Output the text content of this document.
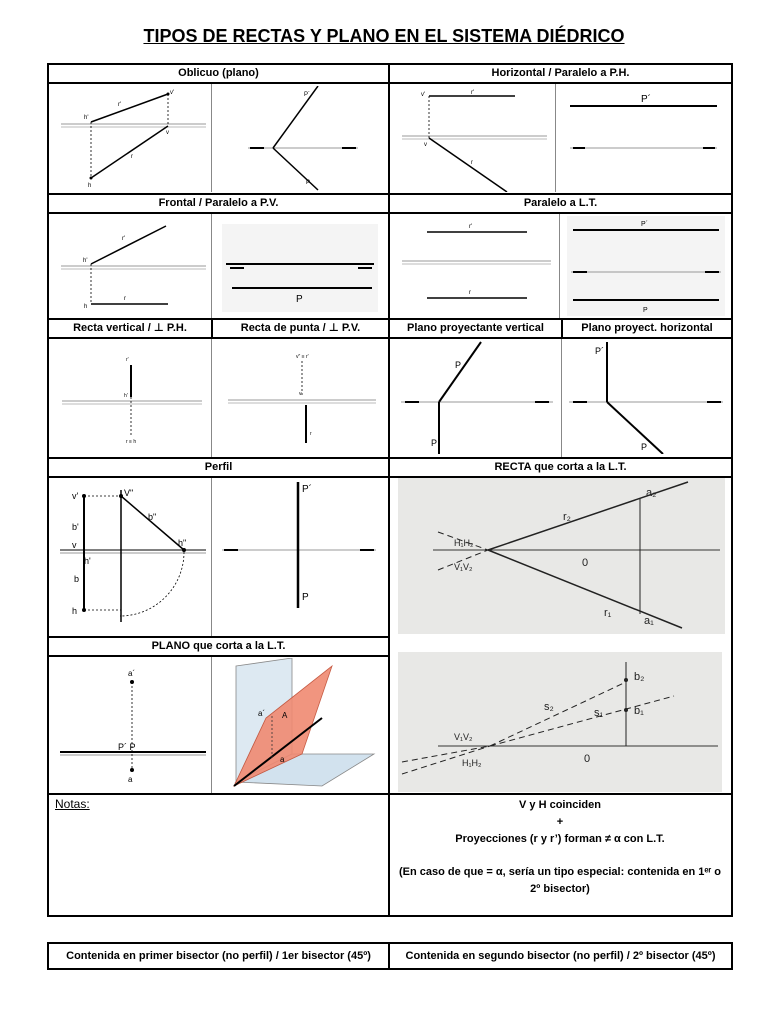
TIPOS DE RECTAS Y PLANO EN EL SISTEMA DIÉDRICO
Oblicuo (plano)	Horizontal / Paralelo a P.H.
h'
v'
r'
r
v
h
P´
P
v'	r'
v
r
P´
Frontal / Paralelo a P.V.	Paralelo a L.T.
h'
r'
h
r	P
r'
r
P´
P
Recta vertical / ⊥ P.H.	Recta de punta / ⊥ P.V.	Plano proyectante vertical	Plano proyect. horizontal
r'
h'
r ≡ h
v" ≡ r'
v
r
P
P
P´
P
Perfil	RECTA que corta a la L.T.
v'	V"
b'
b"
v
h'
h"
b
h
P´
P
r₂
r₁
0
a₂
a₁
H₁H₂
V₁V₂
PLANO que corta a la L.T.
a´
P´ P
a
a´ A
a
s₂	s₁
b₂
b₁
0
V₁V₂
H₁H₂
Notas:	V y H coinciden
+
Proyecciones (r y r’) forman ≠ α con L.T.
(En caso de que = α, sería un tipo especial: contenida en 1ᵉʳ o 2º bisector)
Contenida en primer bisector (no perfil) / 1er bisector (45º)	Contenida en segundo bisector (no perfil) / 2º bisector (45º)
